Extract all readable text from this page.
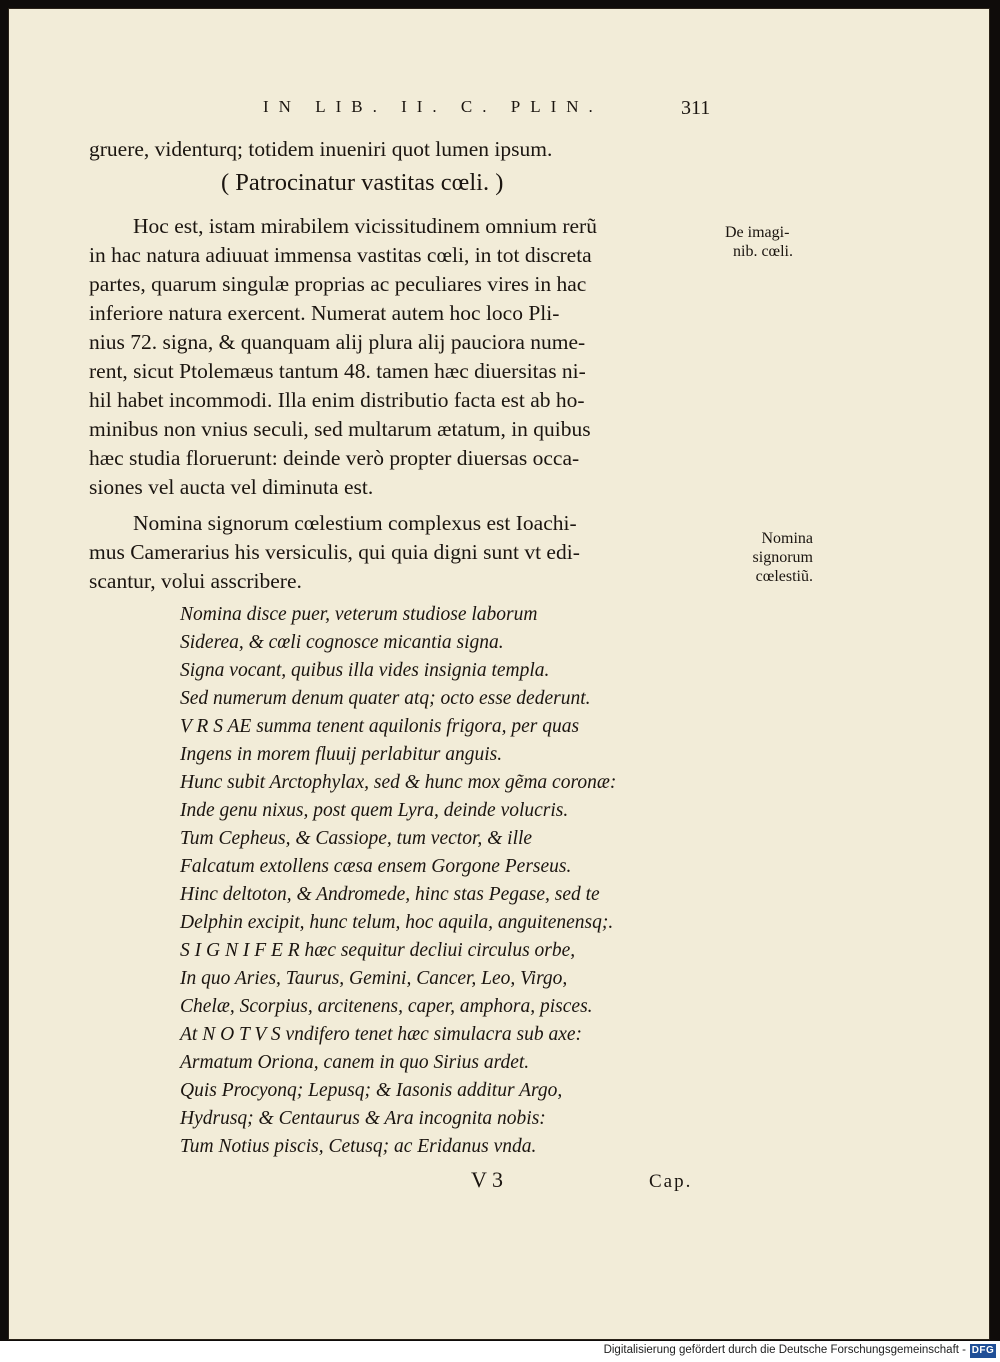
IN LIB. II. C. PLIN.	311
gruere, videnturq; totidem inueniri quot lumen ipsum.
( Patrocinatur vastitas cœli. )
Hoc est, istam mirabilem vicissitudinem omnium rerũ
in hac natura adiuuat immensa vastitas cœli, in tot discreta
partes, quarum singulæ proprias ac peculiares vires in hac
inferiore natura exercent. Numerat autem hoc loco Pli-
nius 72. signa, & quanquam alij plura alij pauciora nume-
rent, sicut Ptolemæus tantum 48. tamen hæc diuersitas ni-
hil habet incommodi. Illa enim distributio facta est ab ho-
minibus non vnius seculi, sed multarum ætatum, in quibus
hæc studia floruerunt: deinde verò propter diuersas occa-
siones vel aucta vel diminuta est.
Nomina signorum cœlestium complexus est Ioachi-
mus Camerarius his versiculis, qui quia digni sunt vt edi-
scantur, volui asscribere.
Nomina disce puer, veterum studiose laborum
Siderea, & cœli cognosce micantia signa.
Signa vocant, quibus illa vides insignia templa.
Sed numerum denum quater atq; octo esse dederunt.
V R S AE summa tenent aquilonis frigora, per quas
Ingens in morem fluuij perlabitur anguis.
Hunc subit Arctophylax, sed & hunc mox gẽma coronæ:
Inde genu nixus, post quem Lyra, deinde volucris.
Tum Cepheus, & Cassiope, tum vector, & ille
Falcatum extollens cæsa ensem Gorgone Perseus.
Hinc deltoton, & Andromede, hinc stas Pegase, sed te
Delphin excipit, hunc telum, hoc aquila, anguitenensq;.
S I G N I F E R hæc sequitur decliui circulus orbe,
In quo Aries, Taurus, Gemini, Cancer, Leo, Virgo,
Chelæ, Scorpius, arcitenens, caper, amphora, pisces.
At N O T V S vndifero tenet hæc simulacra sub axe:
Armatum Oriona, canem in quo Sirius ardet.
Quis Procyonq; Lepusq; & Iasonis additur Argo,
Hydrusq; & Centaurus & Ara incognita nobis:
Tum Notius piscis, Cetusq; ac Eridanus vnda.
De imagi-
nib. cœli.
Nomina
signorum
cœlestiũ.
V 3	Cap.
Digitalisierung gefördert durch die Deutsche Forschungsgemeinschaft - DFG
